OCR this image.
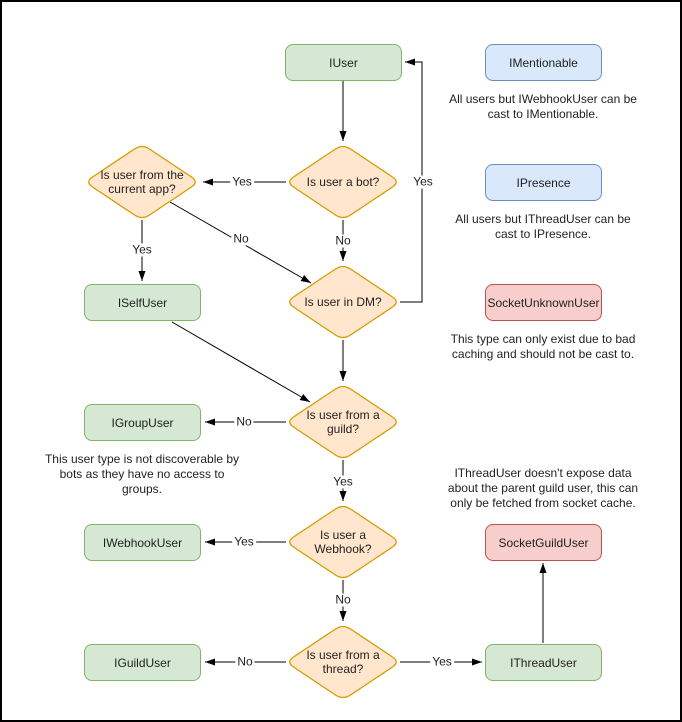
IUser	IMentionable
IPresence
SocketUnknownUser
ISelfUser
IGroupUser
IWebhookUser	SocketGuildUser
IGuildUser	IThreadUser
Is user a bot?
Is user from the
current app?
Is user in DM?
Is user from a
guild?
Is user a
Webhook?
Is user from a
thread?
Yes
No
Yes
No
Yes
No
Yes
Yes
No
No	Yes
All users but IWebhookUser can be
cast to IMentionable.
All users but IThreadUser can be
cast to IPresence.
This type can only exist due to bad
caching and should not be cast to.
This user type is not discoverable by
bots as they have no access to
groups.
IThreadUser doesn't expose data
about the parent guild user, this can
only be fetched from socket cache.
